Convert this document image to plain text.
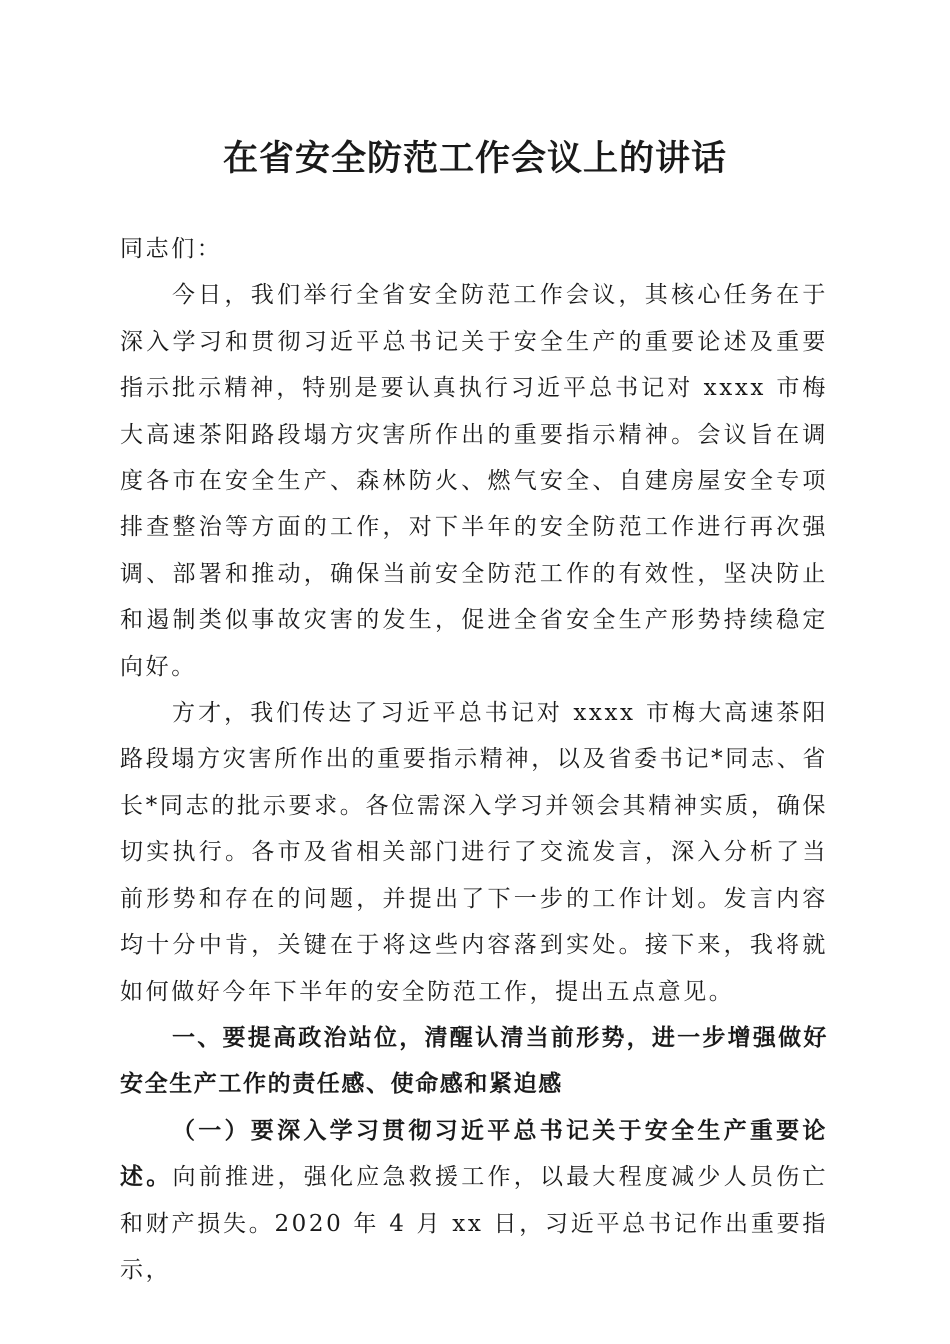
在省安全防范工作会议上的讲话

同志们：

今日，我们举行全省安全防范工作会议，其核心任务在于深入学习和贯彻习近平总书记关于安全生产的重要论述及重要指示批示精神，特别是要认真执行习近平总书记对 xxxx 市梅大高速茶阳路段塌方灾害所作出的重要指示精神。会议旨在调度各市在安全生产、森林防火、燃气安全、自建房屋安全专项排查整治等方面的工作，对下半年的安全防范工作进行再次强调、部署和推动，确保当前安全防范工作的有效性，坚决防止和遏制类似事故灾害的发生，促进全省安全生产形势持续稳定向好。

方才，我们传达了习近平总书记对 xxxx 市梅大高速茶阳路段塌方灾害所作出的重要指示精神，以及省委书记*同志、省长*同志的批示要求。各位需深入学习并领会其精神实质，确保切实执行。各市及省相关部门进行了交流发言，深入分析了当前形势和存在的问题，并提出了下一步的工作计划。发言内容均十分中肯，关键在于将这些内容落到实处。接下来，我将就如何做好今年下半年的安全防范工作，提出五点意见。

一、要提高政治站位，清醒认清当前形势，进一步增强做好安全生产工作的责任感、使命感和紧迫感

（一）要深入学习贯彻习近平总书记关于安全生产重要论述。向前推进，强化应急救援工作，以最大程度减少人员伤亡和财产损失。2020 年 4 月 xx 日，习近平总书记作出重要指示，
